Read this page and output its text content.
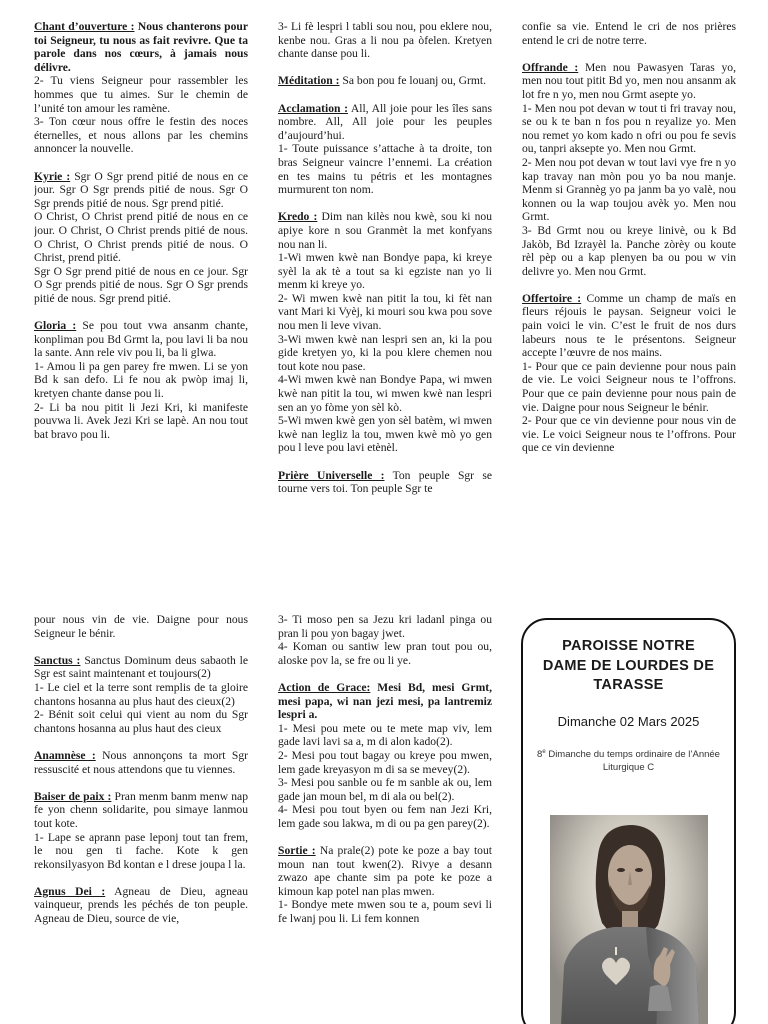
Chant d’ouverture : Nous chanterons pour toi Seigneur, tu nous as fait revivre. Que ta parole dans nos cœurs, à jamais nous délivre.
2- Tu viens Seigneur pour rassembler les hommes que tu aimes. Sur le chemin de l’unité ton amour les ramène.
3- Ton cœur nous offre le festin des noces éternelles, et nous allons par les chemins annoncer la nouvelle.
Kyrie : Sgr O Sgr prend pitié de nous en ce jour. Sgr O Sgr prends pitié de nous. Sgr O Sgr prends pitié de nous. Sgr prend pitié.
O Christ, O Christ prend pitié de nous en ce jour. O Christ, O Christ prends pitié de nous. O Christ, O Christ prends pitié de nous. O Christ, prend pitié.
Sgr O Sgr prend pitié de nous en ce jour. Sgr O Sgr prends pitié de nous. Sgr O Sgr prends pitié de nous. Sgr prend pitié.
Gloria : Se pou tout vwa ansanm chante, konpliman pou Bd Grmt la, pou lavi li ba nou la sante. Ann rele viv pou li, ba li glwa.
1- Amou li pa gen parey fre mwen. Li se yon Bd k san defo. Li fe nou ak pwòp imaj li, kretyen chante danse pou li.
2- Li ba nou pitit li Jezi Kri, ki manifeste pouvwa li. Avek Jezi Kri se lapè. An nou tout bat bravo pou li.
3- Li fè lespri l tabli sou nou, pou eklere nou, kenbe nou. Gras a li nou pa òfelen. Kretyen chante danse pou li.
Méditation : Sa bon pou fe louanj ou, Grmt.
Acclamation : All, All joie pour les îles sans nombre. All, All joie pour les peuples d’aujourd’hui.
1- Toute puissance s’attache à ta droite, ton bras Seigneur vaincre l’ennemi. La création en tes mains tu pétris et les montagnes murmurent ton nom.
Kredo : Dim nan kilès nou kwè, sou ki nou apiye kore n sou Granmèt la met konfyans nou nan li.
1-Wi mwen kwè nan Bondye papa, ki kreye syèl la ak tè a tout sa ki egziste nan yo li menm ki kreye yo.
2- Wi mwen kwè nan pitit la tou, ki fèt nan vant Mari ki Vyèj, ki mouri sou kwa pou sove nou men li leve vivan.
3-Wi mwen kwè nan lespri sen an, ki la pou gide kretyen yo, ki la pou klere chemen nou tout kote nou pase.
4-Wi mwen kwè nan Bondye Papa, wi mwen kwè nan pitit la tou, wi mwen kwè nan lespri sen an yo fòme yon sèl kò.
5-Wi mwen kwè gen yon sèl batèm, wi mwen kwè nan legliz la tou, mwen kwè mò yo gen pou l leve pou lavi etènèl.
Prière Universelle : Ton peuple Sgr se tourne vers toi. Ton peuple Sgr te
confie sa vie. Entend le cri de nos prières entend le cri de notre terre.
Offrande : Men nou Pawasyen Taras yo, men nou tout pitit Bd yo, men nou ansanm ak lot fre n yo, men nou Grmt asepte yo.
1- Men nou pot devan w tout ti fri travay nou, se ou k te ban n fos pou n reyalize yo. Men nou remet yo kom kado n ofri ou pou fe sevis ou, tanpri aksepte yo. Men nou Grmt.
2- Men nou pot devan w tout lavi vye fre n yo kap travay nan mòn pou yo ba nou manje. Menm si Grannèg yo pa janm ba yo valè, nou konnen ou la wap toujou avèk yo. Men nou Grmt.
3- Bd Grmt nou ou kreye linivè, ou k Bd Jakòb, Bd Izrayèl la. Panche zòrèy ou koute rèl pèp ou a kap plenyen ba ou pou w vin delivre yo. Men nou Grmt.
Offertoire : Comme un champ de maïs en fleurs réjouis le paysan. Seigneur voici le pain voici le vin. C’est le fruit de nos durs labeurs nous te le présentons. Seigneur accepte l’œuvre de nos mains.
1- Pour que ce pain devienne pour nous pain de vie. Le voici Seigneur nous te l’offrons. Pour que ce pain devienne pour nous pain de vie. Daigne pour nous Seigneur le bénir.
2- Pour que ce vin devienne pour nous vin de vie. Le voici Seigneur nous te l’offrons. Pour que ce vin devienne
pour nous vin de vie. Daigne pour nous Seigneur le bénir.
Sanctus : Sanctus Dominum deus sabaoth le Sgr est saint maintenant et toujours(2)
1- Le ciel et la terre sont remplis de ta gloire chantons hosanna au plus haut des cieux(2)
2- Bénit soit celui qui vient au nom du Sgr chantons hosanna au plus haut des cieux
Anamnèse : Nous annonçons ta mort Sgr ressuscité et nous attendons que tu viennes.
Baiser de paix : Pran menm banm menw nap fe yon chenn solidarite, pou simaye lanmou tout kote.
1- Lape se aprann pase leponj tout tan frem, le nou gen ti fache. Kote k gen rekonsilyasyon Bd kontan e l drese joupa l la.
Agnus Dei : Agneau de Dieu, agneau vainqueur, prends les péchés de ton peuple. Agneau de Dieu, source de vie,
3- Ti moso pen sa Jezu kri ladanl pinga ou pran li pou yon bagay jwet.
4- Koman ou santiw lew pran tout pou ou, aloske pov la, se fre ou li ye.
Action de Grace: Mesi Bd, mesi Grmt, mesi papa, wi nan jezi mesi, pa lantremiz lespri a.
1- Mesi pou mete ou te mete map viv, lem gade lavi lavi sa a, m di alon kado(2).
2- Mesi pou tout bagay ou kreye pou mwen, lem gade kreyasyon m di sa se mevey(2).
3- Mesi pou sanble ou fe m sanble ak ou, lem gade jan moun bel, m di ala ou bel(2).
4- Mesi pou tout byen ou fem nan Jezi Kri, lem gade sou lakwa, m di ou pa gen parey(2).
Sortie : Na prale(2) pote ke poze a bay tout moun nan tout kwen(2). Rivye a desann zwazo ape chante sim pa pote ke poze a kimoun kap potel nan plas mwen.
1- Bondye mete mwen sou te a, poum sevi li fe lwanj pou li. Li fem konnen
PAROISSE NOTRE DAME DE LOURDES DE TARASSE
Dimanche 02 Mars 2025
8e Dimanche du temps ordinaire de l’Année Liturgique C
